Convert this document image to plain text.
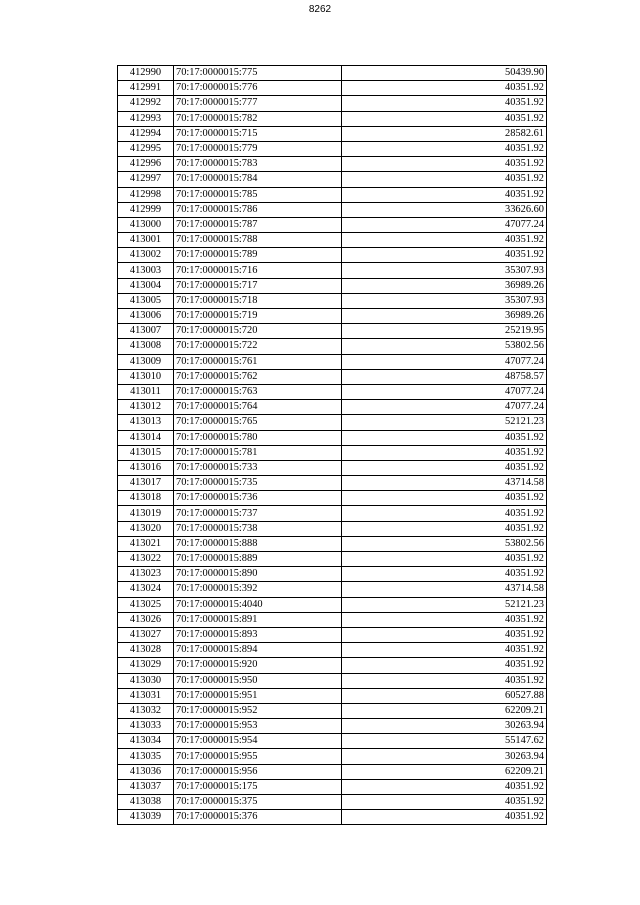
8262
412990	70:17:0000015:775	50439.90
412991	70:17:0000015:776	40351.92
412992	70:17:0000015:777	40351.92
412993	70:17:0000015:782	40351.92
412994	70:17:0000015:715	28582.61
412995	70:17:0000015:779	40351.92
412996	70:17:0000015:783	40351.92
412997	70:17:0000015:784	40351.92
412998	70:17:0000015:785	40351.92
412999	70:17:0000015:786	33626.60
413000	70:17:0000015:787	47077.24
413001	70:17:0000015:788	40351.92
413002	70:17:0000015:789	40351.92
413003	70:17:0000015:716	35307.93
413004	70:17:0000015:717	36989.26
413005	70:17:0000015:718	35307.93
413006	70:17:0000015:719	36989.26
413007	70:17:0000015:720	25219.95
413008	70:17:0000015:722	53802.56
413009	70:17:0000015:761	47077.24
413010	70:17:0000015:762	48758.57
413011	70:17:0000015:763	47077.24
413012	70:17:0000015:764	47077.24
413013	70:17:0000015:765	52121.23
413014	70:17:0000015:780	40351.92
413015	70:17:0000015:781	40351.92
413016	70:17:0000015:733	40351.92
413017	70:17:0000015:735	43714.58
413018	70:17:0000015:736	40351.92
413019	70:17:0000015:737	40351.92
413020	70:17:0000015:738	40351.92
413021	70:17:0000015:888	53802.56
413022	70:17:0000015:889	40351.92
413023	70:17:0000015:890	40351.92
413024	70:17:0000015:392	43714.58
413025	70:17:0000015:4040	52121.23
413026	70:17:0000015:891	40351.92
413027	70:17:0000015:893	40351.92
413028	70:17:0000015:894	40351.92
413029	70:17:0000015:920	40351.92
413030	70:17:0000015:950	40351.92
413031	70:17:0000015:951	60527.88
413032	70:17:0000015:952	62209.21
413033	70:17:0000015:953	30263.94
413034	70:17:0000015:954	55147.62
413035	70:17:0000015:955	30263.94
413036	70:17:0000015:956	62209.21
413037	70:17:0000015:175	40351.92
413038	70:17:0000015:375	40351.92
413039	70:17:0000015:376	40351.92
